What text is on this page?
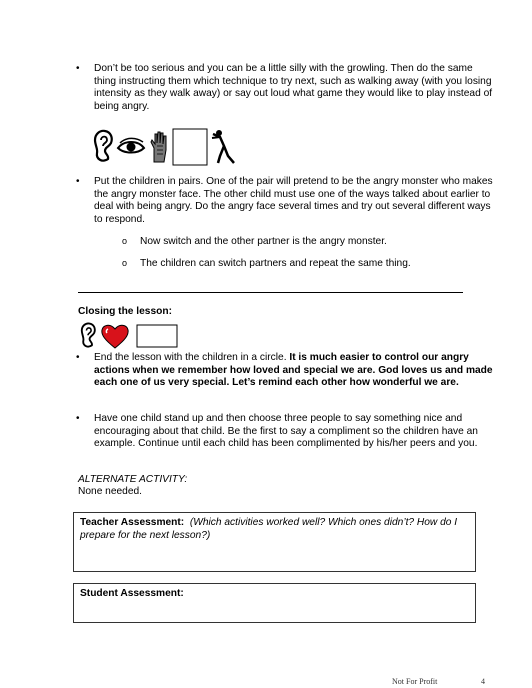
• Don’t be too serious and you can be a little silly with the growling. Then do the same thing instructing them which technique to try next, such as walking away (with you losing intensity as they walk away) or say out loud what game they would like to play instead of being angry.
• Put the children in pairs. One of the pair will pretend to be the angry monster who makes the angry monster face. The other child must use one of the ways talked about earlier to deal with being angry. Do the angry face several times and try out several different ways to respond.
o Now switch and the other partner is the angry monster.
o The children can switch partners and repeat the same thing.
Closing the lesson:
• End the lesson with the children in a circle. It is much easier to control our angry actions when we remember how loved and special we are. God loves us and made each one of us very special. Let’s remind each other how wonderful we are.
• Have one child stand up and then choose three people to say something nice and encouraging about that child. Be the first to say a compliment so the children have an example. Continue until each child has been complimented by his/her peers and you.
ALTERNATE ACTIVITY:
None needed.
Teacher Assessment: (Which activities worked well? Which ones didn’t? How do I prepare for the next lesson?)
Student Assessment:
Not For Profit	4
